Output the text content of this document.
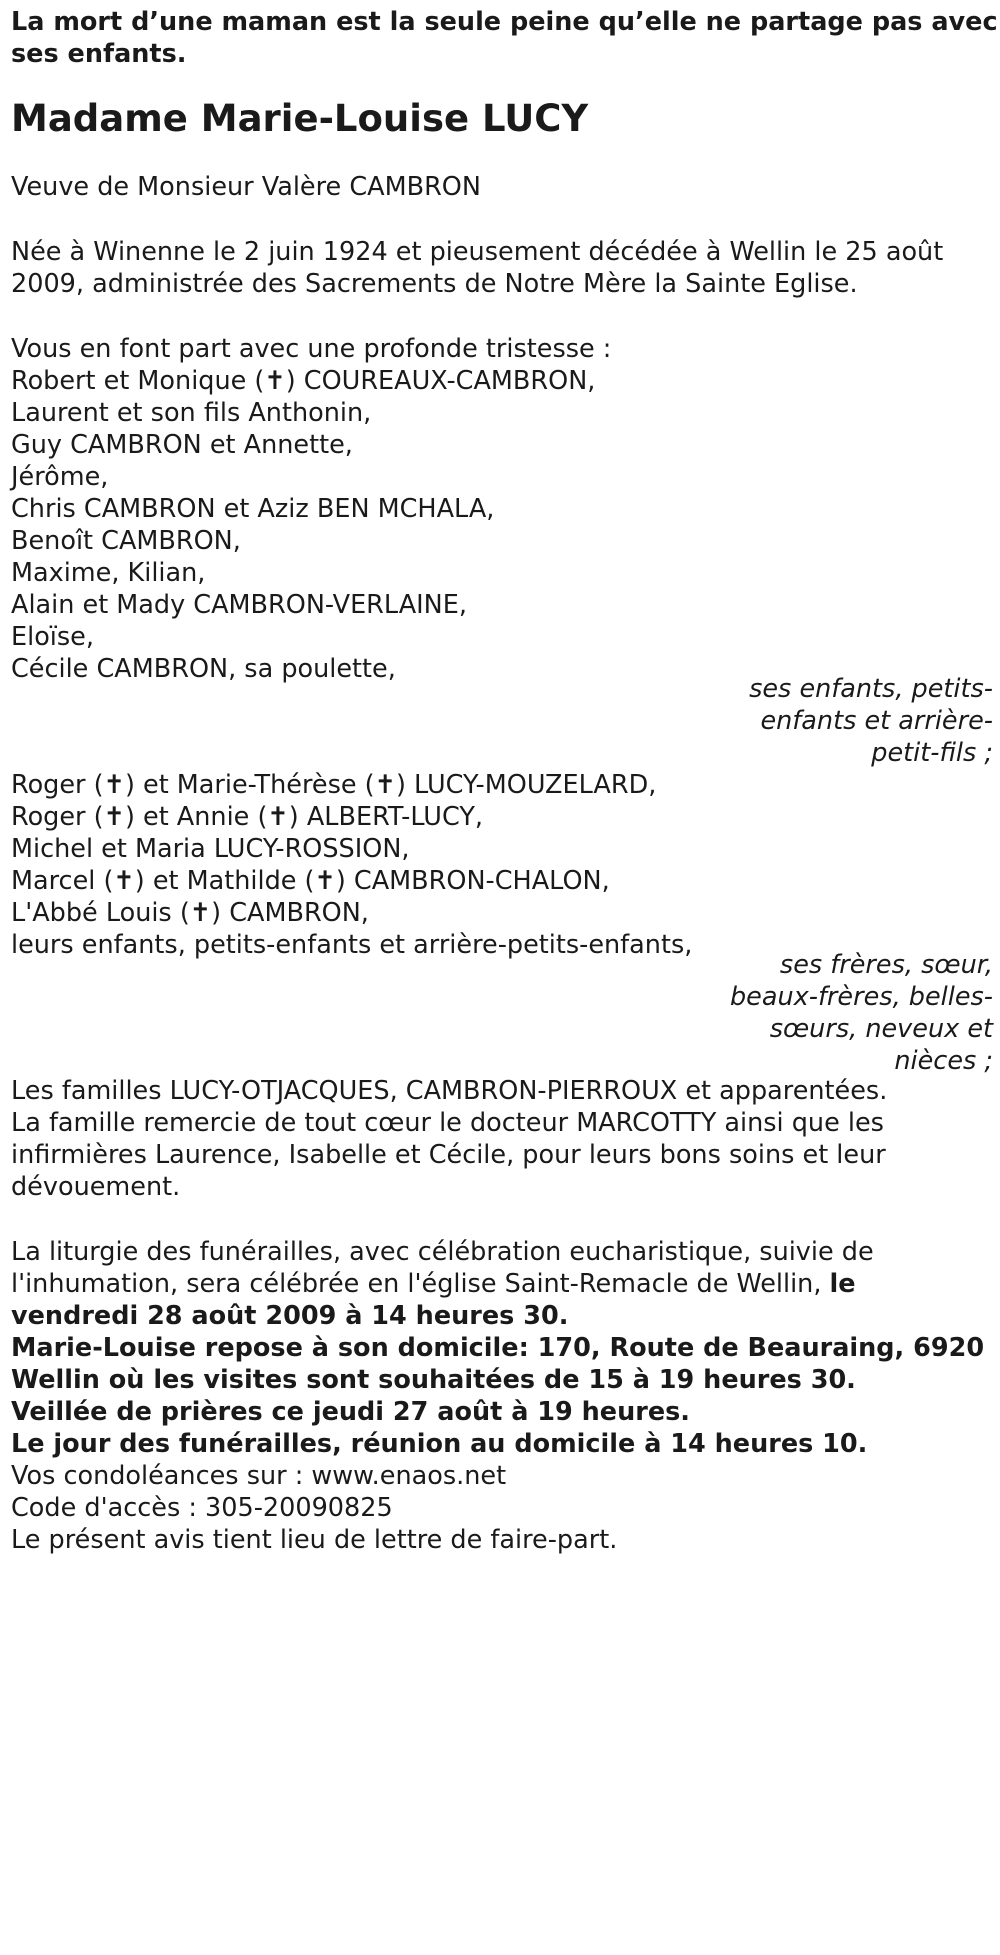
La mort d’une maman est la seule peine qu’elle ne partage pas avec
ses enfants.
Madame Marie-Louise LUCY
Veuve de Monsieur Valère CAMBRON
Née à Winenne le 2 juin 1924 et pieusement décédée à Wellin le 25 août
2009, administrée des Sacrements de Notre Mère la Sainte Eglise.
Vous en font part avec une profonde tristesse :
Robert et Monique (✝) COUREAUX-CAMBRON,
Laurent et son fils Anthonin,
Guy CAMBRON et Annette,
Jérôme,
Chris CAMBRON et Aziz BEN MCHALA,
Benoît CAMBRON,
Maxime, Kilian,
Alain et Mady CAMBRON-VERLAINE,
Eloïse,
Cécile CAMBRON, sa poulette,
ses enfants, petits-
enfants et arrière-
petit-fils ;
Roger (✝) et Marie-Thérèse (✝) LUCY-MOUZELARD,
Roger (✝) et Annie (✝) ALBERT-LUCY,
Michel et Maria LUCY-ROSSION,
Marcel (✝) et Mathilde (✝) CAMBRON-CHALON,
L'Abbé Louis (✝) CAMBRON,
leurs enfants, petits-enfants et arrière-petits-enfants,
ses frères, sœur,
beaux-frères, belles-
sœurs, neveux et
nièces ;
Les familles LUCY-OTJACQUES, CAMBRON-PIERROUX et apparentées.
La famille remercie de tout cœur le docteur MARCOTTY ainsi que les
infirmières Laurence, Isabelle et Cécile, pour leurs bons soins et leur
dévouement.
La liturgie des funérailles, avec célébration eucharistique, suivie de
l'inhumation, sera célébrée en l'église Saint-Remacle de Wellin, le
vendredi 28 août 2009 à 14 heures 30.
Marie-Louise repose à son domicile: 170, Route de Beauraing, 6920
Wellin où les visites sont souhaitées de 15 à 19 heures 30.
Veillée de prières ce jeudi 27 août à 19 heures.
Le jour des funérailles, réunion au domicile à 14 heures 10.
Vos condoléances sur : www.enaos.net
Code d'accès : 305-20090825
Le présent avis tient lieu de lettre de faire-part.
